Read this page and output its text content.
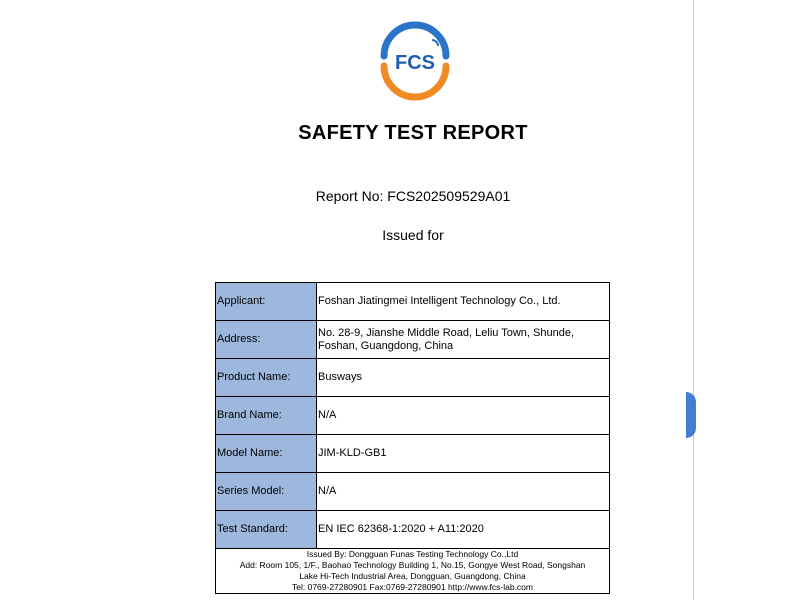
FCS
SAFETY TEST REPORT
Report No: FCS202509529A01
Issued for
Applicant:	Foshan Jiatingmei Intelligent Technology Co., Ltd.
Address:	No. 28-9, Jianshe Middle Road, Leliu Town, Shunde, Foshan, Guangdong, China
Product Name:	Busways
Brand Name:	N/A
Model Name:	JIM-KLD-GB1
Series Model:	N/A
Test Standard:	EN IEC 62368-1:2020 + A11:2020

Issued By: Dongguan Funas Testing Technology Co.,Ltd
Add: Room 105, 1/F., Baohao Technology Building 1, No.15, Gongye West Road, Songshan
Lake Hi-Tech Industrial Area, Dongguan, Guangdong, China
Tel: 0769-27280901 Fax:0769-27280901 http://www.fcs-lab.com	
